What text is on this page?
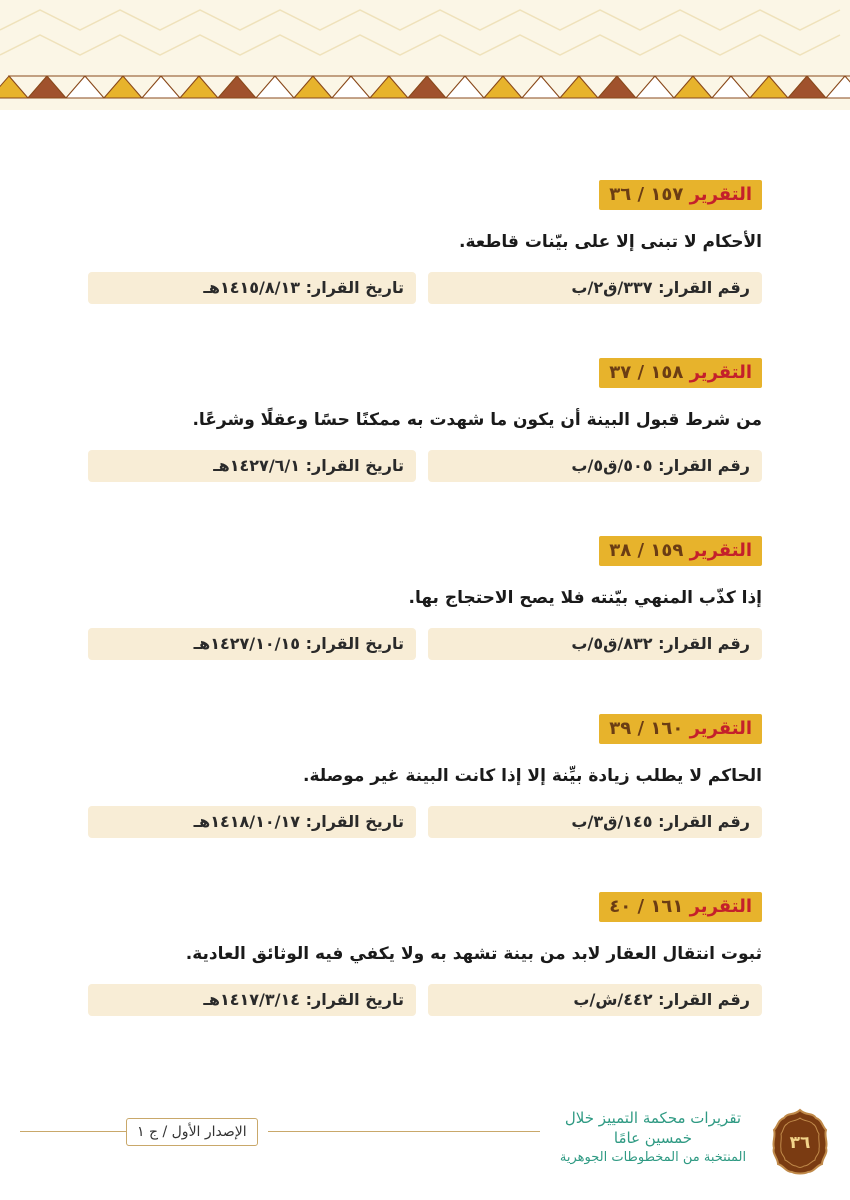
التقرير ١٥٧ / ٣٦
الأحكام لا تبنى إلا على بيّنات قاطعة.
رقم القرار: ٣٣٧/ق٢/ب
تاريخ القرار: ١٤١٥/٨/١٣هـ
التقرير ١٥٨ / ٣٧
من شرط قبول البينة أن يكون ما شهدت به ممكنًا حسًا وعقلًا وشرعًا.
رقم القرار: ٥٠٥/ق٥/ب
تاريخ القرار: ١٤٢٧/٦/١هـ
التقرير ١٥٩ / ٣٨
إذا كذّب المنهي بيّنته فلا يصح الاحتجاج بها.
رقم القرار: ٨٣٢/ق٥/ب
تاريخ القرار: ١٤٢٧/١٠/١٥هـ
التقرير ١٦٠ / ٣٩
الحاكم لا يطلب زيادة بيِّنة إلا إذا كانت البينة غير موصلة.
رقم القرار: ١٤٥/ق٣/ب
تاريخ القرار: ١٤١٨/١٠/١٧هـ
التقرير ١٦١ / ٤٠
ثبوت انتقال العقار لابد من بينة تشهد به ولا يكفي فيه الوثائق العادية.
رقم القرار: ٤٤٢/ش/ب
تاريخ القرار: ١٤١٧/٣/١٤هـ
الإصدار الأول / ج ١
تقريرات محكمة التمييز خلال خمسين عامًا
المنتخبة من المخطوطات الجوهرية
٣٦
